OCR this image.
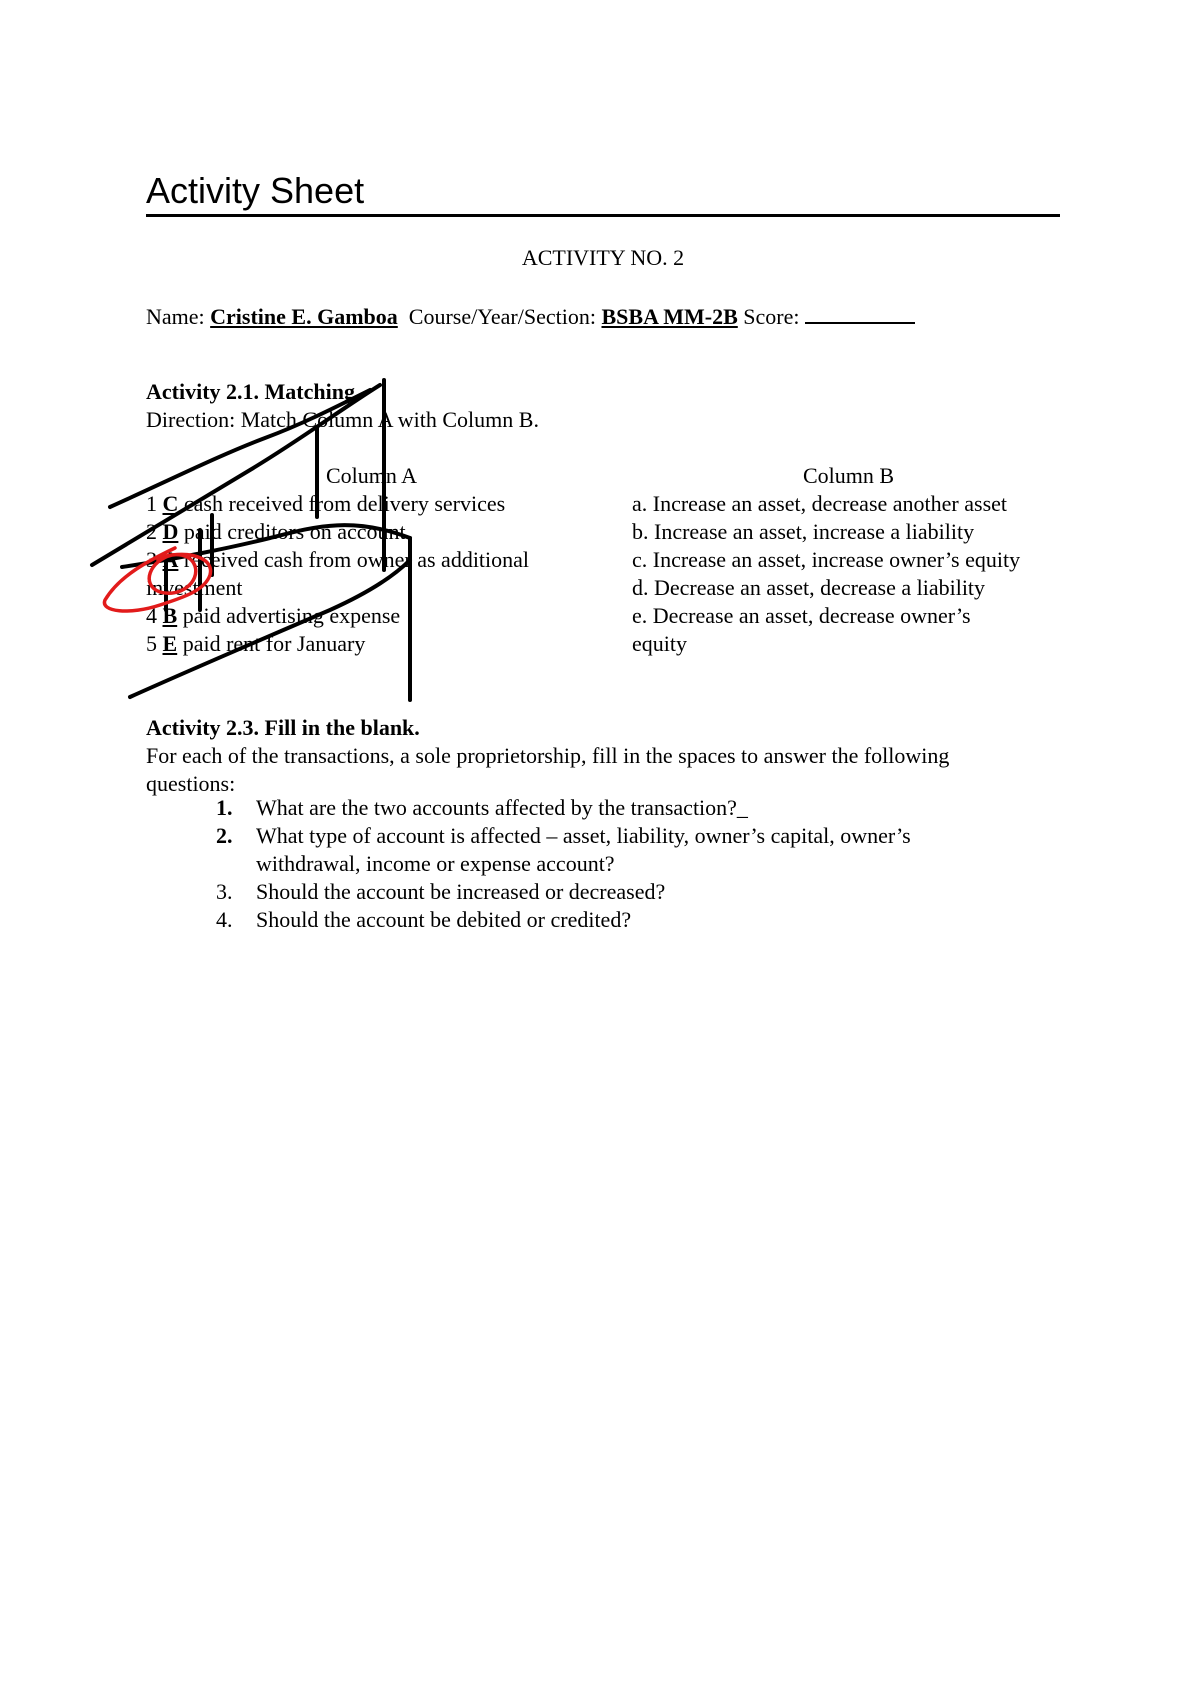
Activity Sheet
ACTIVITY NO. 2
Name: Cristine E. Gamboa Course/Year/Section: BSBA MM-2B Score:
Activity 2.1. Matching
Direction: Match Column A with Column B.
Column A	Column B
1 C cash received from delivery services
2 D paid creditors on account
3 A received cash from owner as additional
investment
4 B paid advertising expense
5 E paid rent for January
a. Increase an asset, decrease another asset
b. Increase an asset, increase a liability
c. Increase an asset, increase owner’s equity
d. Decrease an asset, decrease a liability
e. Decrease an asset, decrease owner’s
equity
Activity 2.3. Fill in the blank.
For each of the transactions, a sole proprietorship, fill in the spaces to answer the following
questions:
1. What are the two accounts affected by the transaction?_
2. What type of account is affected – asset, liability, owner’s capital, owner’s
withdrawal, income or expense account?
3. Should the account be increased or decreased?
4. Should the account be debited or credited?
